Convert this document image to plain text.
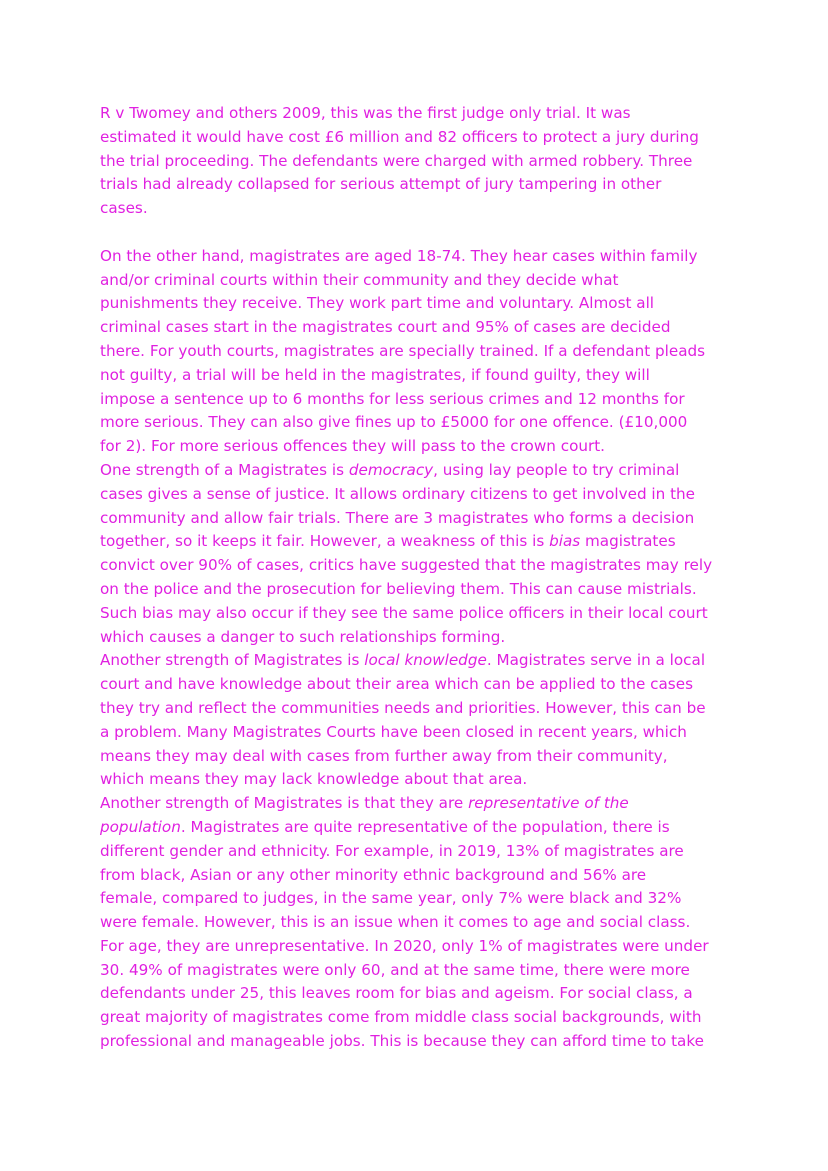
R v Twomey and others 2009, this was the first judge only trial. It was
estimated it would have cost £6 million and 82 officers to protect a jury during
the trial proceeding. The defendants were charged with armed robbery. Three
trials had already collapsed for serious attempt of jury tampering in other
cases.

On the other hand, magistrates are aged 18-74. They hear cases within family
and/or criminal courts within their community and they decide what
punishments they receive. They work part time and voluntary. Almost all
criminal cases start in the magistrates court and 95% of cases are decided
there. For youth courts, magistrates are specially trained. If a defendant pleads
not guilty, a trial will be held in the magistrates, if found guilty, they will
impose a sentence up to 6 months for less serious crimes and 12 months for
more serious. They can also give fines up to £5000 for one offence. (£10,000
for 2). For more serious offences they will pass to the crown court.

One strength of a Magistrates is democracy, using lay people to try criminal
cases gives a sense of justice. It allows ordinary citizens to get involved in the
community and allow fair trials. There are 3 magistrates who forms a decision
together, so it keeps it fair. However, a weakness of this is bias magistrates
convict over 90% of cases, critics have suggested that the magistrates may rely
on the police and the prosecution for believing them. This can cause mistrials.
Such bias may also occur if they see the same police officers in their local court
which causes a danger to such relationships forming.

Another strength of Magistrates is local knowledge. Magistrates serve in a local
court and have knowledge about their area which can be applied to the cases
they try and reflect the communities needs and priorities. However, this can be
a problem. Many Magistrates Courts have been closed in recent years, which
means they may deal with cases from further away from their community,
which means they may lack knowledge about that area.

Another strength of Magistrates is that they are representative of the
population. Magistrates are quite representative of the population, there is
different gender and ethnicity. For example, in 2019, 13% of magistrates are
from black, Asian or any other minority ethnic background and 56% are
female, compared to judges, in the same year, only 7% were black and 32%
were female. However, this is an issue when it comes to age and social class.
For age, they are unrepresentative. In 2020, only 1% of magistrates were under
30. 49% of magistrates were only 60, and at the same time, there were more
defendants under 25, this leaves room for bias and ageism. For social class, a
great majority of magistrates come from middle class social backgrounds, with
professional and manageable jobs. This is because they can afford time to take
